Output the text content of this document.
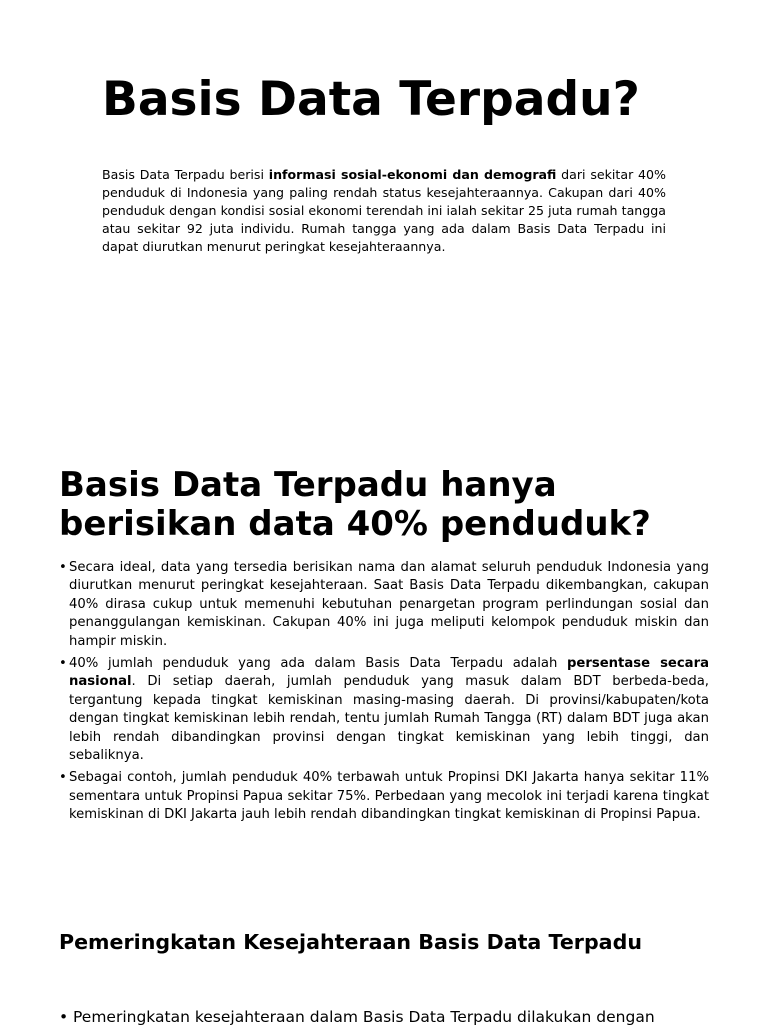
Basis Data Terpadu?

Basis Data Terpadu berisi informasi sosial-ekonomi dan demografi dari sekitar 40% penduduk di Indonesia yang paling rendah status kesejahteraannya. Cakupan dari 40% penduduk dengan kondisi sosial ekonomi terendah ini ialah sekitar 25 juta rumah tangga atau sekitar 92 juta individu. Rumah tangga yang ada dalam Basis Data Terpadu ini dapat diurutkan menurut peringkat kesejahteraannya.

Basis Data Terpadu hanya berisikan data 40% penduduk?
• Secara ideal, data yang tersedia berisikan nama dan alamat seluruh penduduk Indonesia yang diurutkan menurut peringkat kesejahteraan. Saat Basis Data Terpadu dikembangkan, cakupan 40% dirasa cukup untuk memenuhi kebutuhan penargetan program perlindungan sosial dan penanggulangan kemiskinan. Cakupan 40% ini juga meliputi kelompok penduduk miskin dan hampir miskin.
• 40% jumlah penduduk yang ada dalam Basis Data Terpadu adalah persentase secara nasional. Di setiap daerah, jumlah penduduk yang masuk dalam BDT berbeda-beda, tergantung kepada tingkat kemiskinan masing-masing daerah. Di provinsi/kabupaten/kota dengan tingkat kemiskinan lebih rendah, tentu jumlah Rumah Tangga (RT) dalam BDT juga akan lebih rendah dibandingkan provinsi dengan tingkat kemiskinan yang lebih tinggi, dan sebaliknya.
• Sebagai contoh, jumlah penduduk 40% terbawah untuk Propinsi DKI Jakarta hanya sekitar 11% sementara untuk Propinsi Papua sekitar 75%. Perbedaan yang mecolok ini terjadi karena tingkat kemiskinan di DKI Jakarta jauh lebih rendah dibandingkan tingkat kemiskinan di Propinsi Papua.
Pemeringkatan Kesejahteraan Basis Data Terpadu
• Pemeringkatan kesejahteraan dalam Basis Data Terpadu dilakukan dengan
